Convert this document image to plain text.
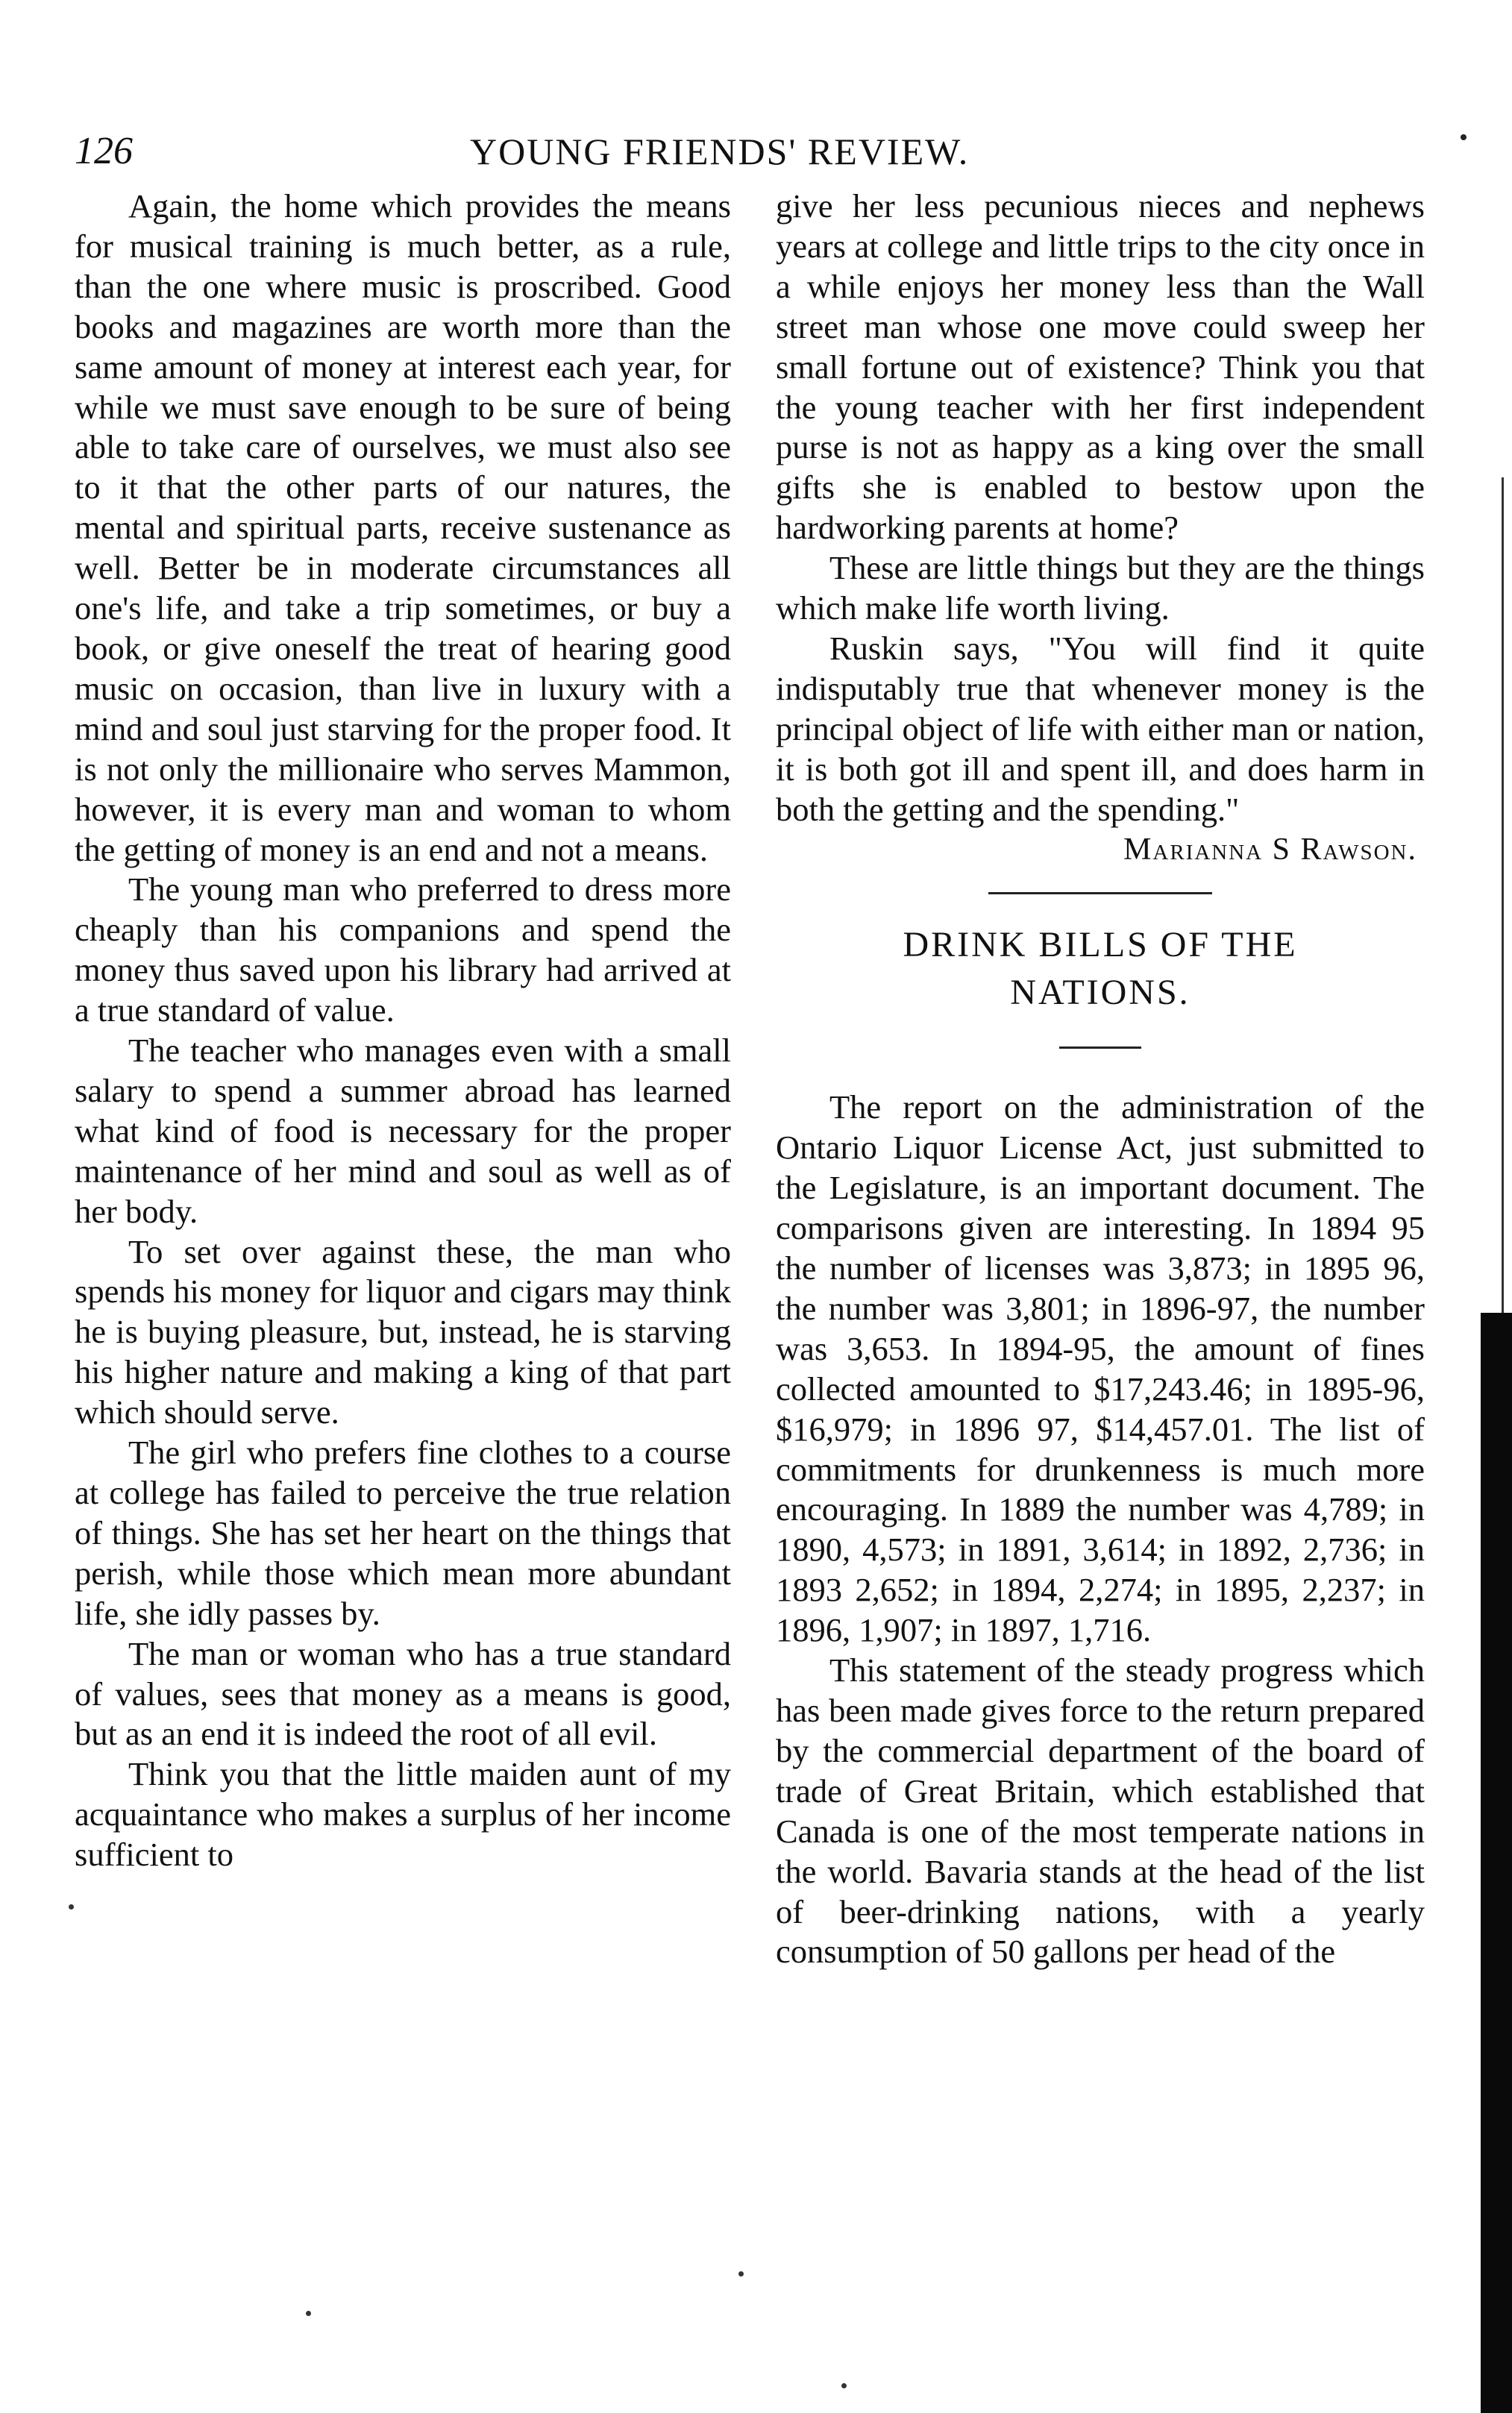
126	YOUNG FRIENDS' REVIEW.

Again, the home which provides the means for musical training is much better, as a rule, than the one where music is proscribed. Good books and magazines are worth more than the same amount of money at interest each year, for while we must save enough to be sure of being able to take care of ourselves, we must also see to it that the other parts of our natures, the mental and spiritual parts, receive sustenance as well. Better be in moderate circumstances all one's life, and take a trip sometimes, or buy a book, or give oneself the treat of hearing good music on occasion, than live in luxury with a mind and soul just starving for the proper food. It is not only the millionaire who serves Mammon, however, it is every man and woman to whom the getting of money is an end and not a means.

The young man who preferred to dress more cheaply than his companions and spend the money thus saved upon his library had arrived at a true standard of value.

The teacher who manages even with a small salary to spend a summer abroad has learned what kind of food is necessary for the proper maintenance of her mind and soul as well as of her body.

To set over against these, the man who spends his money for liquor and cigars may think he is buying pleasure, but, instead, he is starving his higher nature and making a king of that part which should serve.

The girl who prefers fine clothes to a course at college has failed to perceive the true relation of things. She has set her heart on the things that perish, while those which mean more abundant life, she idly passes by.

The man or woman who has a true standard of values, sees that money as a means is good, but as an end it is indeed the root of all evil.

Think you that the little maiden aunt of my acquaintance who makes a surplus of her income sufficient to

give her less pecunious nieces and nephews years at college and little trips to the city once in a while enjoys her money less than the Wall street man whose one move could sweep her small fortune out of existence? Think you that the young teacher with her first independent purse is not as happy as a king over the small gifts she is enabled to bestow upon the hardworking parents at home?

These are little things but they are the things which make life worth living.

Ruskin says, "You will find it quite indisputably true that whenever money is the principal object of life with either man or nation, it is both got ill and spent ill, and does harm in both the getting and the spending."

Marianna S Rawson.

DRINK BILLS OF THE
NATIONS.

The report on the administration of the Ontario Liquor License Act, just submitted to the Legislature, is an important document. The comparisons given are interesting. In 1894 95 the number of licenses was 3,873; in 1895 96, the number was 3,801; in 1896-97, the number was 3,653. In 1894-95, the amount of fines collected amounted to $17,243.46; in 1895-96, $16,979; in 1896 97, $14,457.01. The list of commitments for drunkenness is much more encouraging. In 1889 the number was 4,789; in 1890, 4,573; in 1891, 3,614; in 1892, 2,736; in 1893 2,652; in 1894, 2,274; in 1895, 2,237; in 1896, 1,907; in 1897, 1,716.

This statement of the steady progress which has been made gives force to the return prepared by the commercial department of the board of trade of Great Britain, which established that Canada is one of the most temperate nations in the world. Bavaria stands at the head of the list of beer-drinking nations, with a yearly consumption of 50 gallons per head of the
